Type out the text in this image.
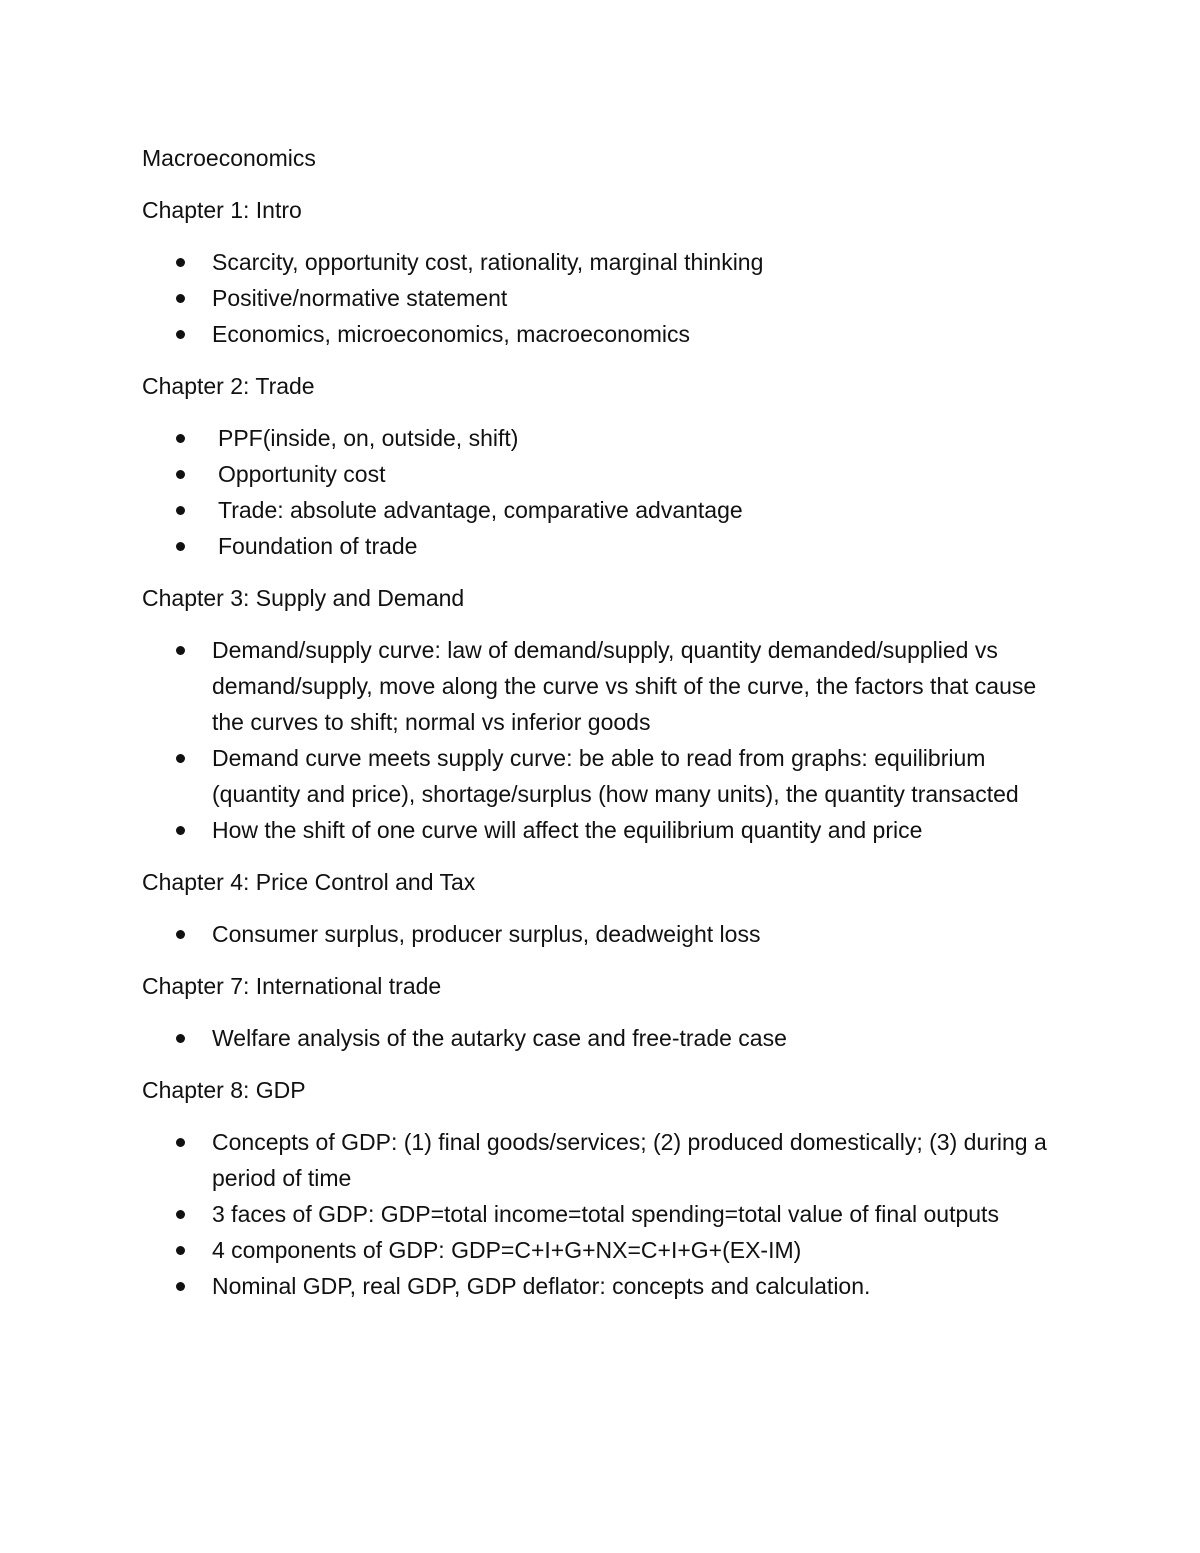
Macroeconomics
Chapter 1: Intro
Scarcity, opportunity cost, rationality, marginal thinking
Positive/normative statement
Economics, microeconomics, macroeconomics
Chapter 2: Trade
PPF(inside, on, outside, shift)
Opportunity cost
Trade: absolute advantage, comparative advantage
Foundation of trade
Chapter 3: Supply and Demand
Demand/supply curve: law of demand/supply, quantity demanded/supplied vs demand/supply, move along the curve vs shift of the curve, the factors that cause the curves to shift; normal vs inferior goods
Demand curve meets supply curve: be able to read from graphs: equilibrium (quantity and price), shortage/surplus (how many units), the quantity transacted
How the shift of one curve will affect the equilibrium quantity and price
Chapter 4: Price Control and Tax
Consumer surplus, producer surplus, deadweight loss
Chapter 7: International trade
Welfare analysis of the autarky case and free-trade case
Chapter 8: GDP
Concepts of GDP: (1) final goods/services; (2) produced domestically; (3) during a period of time
3 faces of GDP: GDP=total income=total spending=total value of final outputs
4 components of GDP: GDP=C+I+G+NX=C+I+G+(EX-IM)
Nominal GDP, real GDP, GDP deflator: concepts and calculation.
